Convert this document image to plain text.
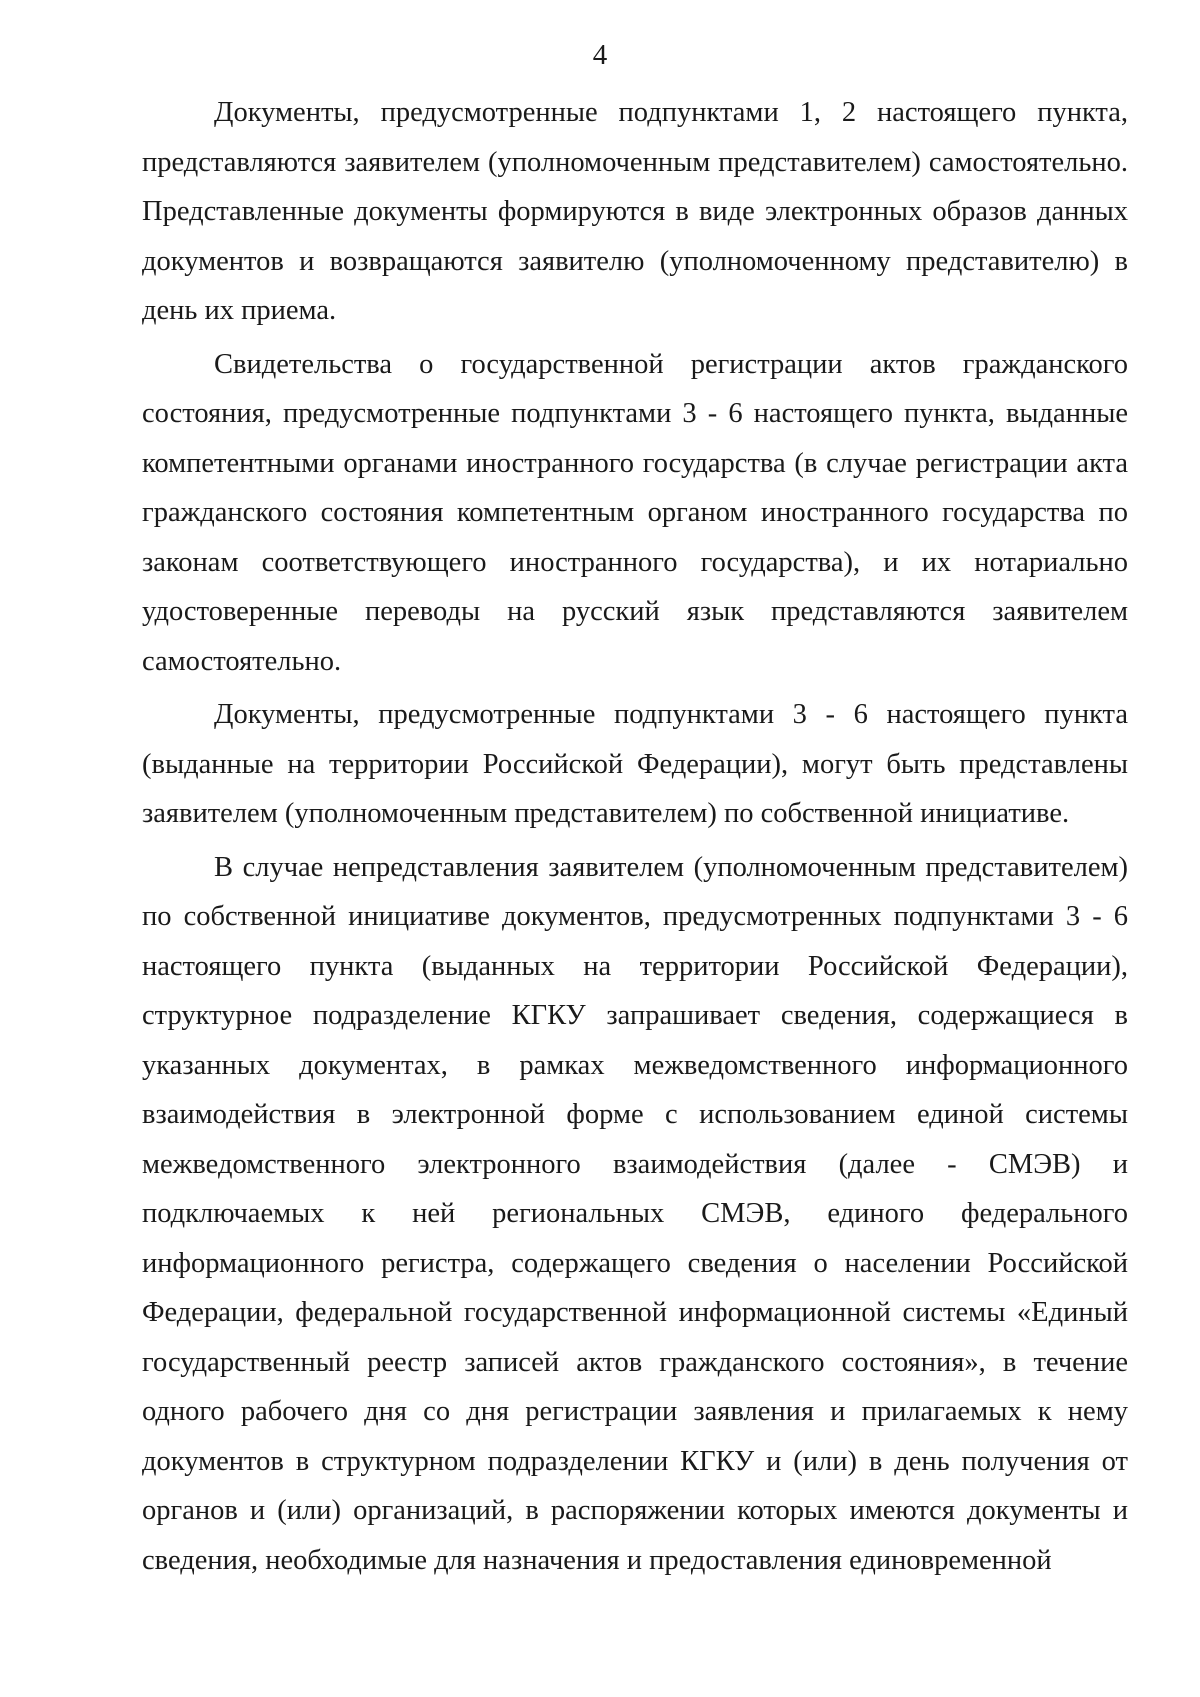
4

Документы, предусмотренные подпунктами 1, 2 настоящего пункта, представляются заявителем (уполномоченным представителем) самостоятельно. Представленные документы формируются в виде электронных образов данных документов и возвращаются заявителю (уполномоченному представителю) в день их приема.

Свидетельства о государственной регистрации актов гражданского состояния, предусмотренные подпунктами 3 - 6 настоящего пункта, выданные компетентными органами иностранного государства (в случае регистрации акта гражданского состояния компетентным органом иностранного государства по законам соответствующего иностранного государства), и их нотариально удостоверенные переводы на русский язык представляются заявителем самостоятельно.

Документы, предусмотренные подпунктами 3 - 6 настоящего пункта (выданные на территории Российской Федерации), могут быть представлены заявителем (уполномоченным представителем) по собственной инициативе.

В случае непредставления заявителем (уполномоченным представителем) по собственной инициативе документов, предусмотренных подпунктами 3 - 6 настоящего пункта (выданных на территории Российской Федерации), структурное подразделение КГКУ запрашивает сведения, содержащиеся в указанных документах, в рамках межведомственного информационного взаимодействия в электронной форме с использованием единой системы межведомственного электронного взаимодействия (далее - СМЭВ) и подключаемых к ней региональных СМЭВ, единого федерального информационного регистра, содержащего сведения о населении Российской Федерации, федеральной государственной информационной системы «Единый государственный реестр записей актов гражданского состояния», в течение одного рабочего дня со дня регистрации заявления и прилагаемых к нему документов в структурном подразделении КГКУ и (или) в день получения от органов и (или) организаций, в распоряжении которых имеются документы и сведения, необходимые для назначения и предоставления единовременной
